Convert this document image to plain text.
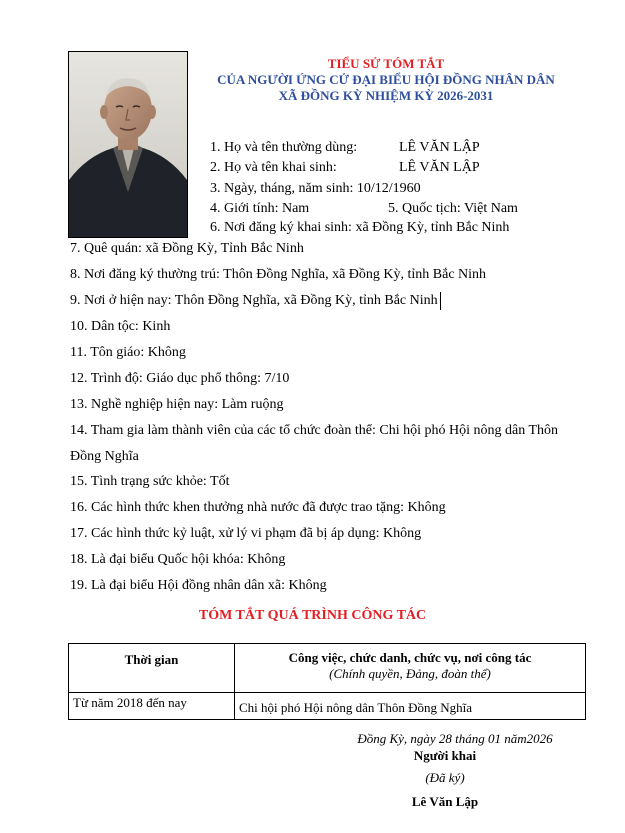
TIỂU SỬ TÓM TẮT
CỦA NGƯỜI ỨNG CỬ ĐẠI BIỂU HỘI ĐỒNG NHÂN DÂN
XÃ ĐỒNG KỲ NHIỆM KỲ 2026-2031
1. Họ và tên thường dùng:	LÊ VĂN LẬP
2. Họ và tên khai sinh:	LÊ VĂN LẬP
3. Ngày, tháng, năm sinh: 10/12/1960
4. Giới tính: Nam	5. Quốc tịch: Việt Nam
6. Nơi đăng ký khai sinh: xã Đồng Kỳ, tỉnh Bắc Ninh
7. Quê quán: xã Đồng Kỳ, Tỉnh Bắc Ninh
8. Nơi đăng ký thường trú: Thôn Đồng Nghĩa, xã Đồng Kỳ, tỉnh Bắc Ninh
9. Nơi ở hiện nay: Thôn Đồng Nghĩa, xã Đồng Kỳ, tỉnh Bắc Ninh
10. Dân tộc: Kinh
11. Tôn giáo: Không
12. Trình độ: Giáo dục phổ thông: 7/10
13. Nghề nghiệp hiện nay: Làm ruộng
14. Tham gia làm thành viên của các tổ chức đoàn thể: Chi hội phó Hội nông dân Thôn
Đồng Nghĩa
15. Tình trạng sức khỏe: Tốt
16. Các hình thức khen thưởng nhà nước đã được trao tặng: Không
17. Các hình thức kỷ luật, xử lý vi phạm đã bị áp dụng: Không
18. Là đại biểu Quốc hội khóa: Không
19. Là đại biểu Hội đồng nhân dân xã: Không
TÓM TẮT QUÁ TRÌNH CÔNG TÁC
Thời gian	Công việc, chức danh, chức vụ, nơi công tác
(Chính quyền, Đảng, đoàn thể)

Từ năm 2018 đến nay	Chi hội phó Hội nông dân Thôn Đồng Nghĩa
Đồng Kỳ, ngày 28 tháng 01 năm2026
Người khai
(Đã ký)
Lê Văn Lập
